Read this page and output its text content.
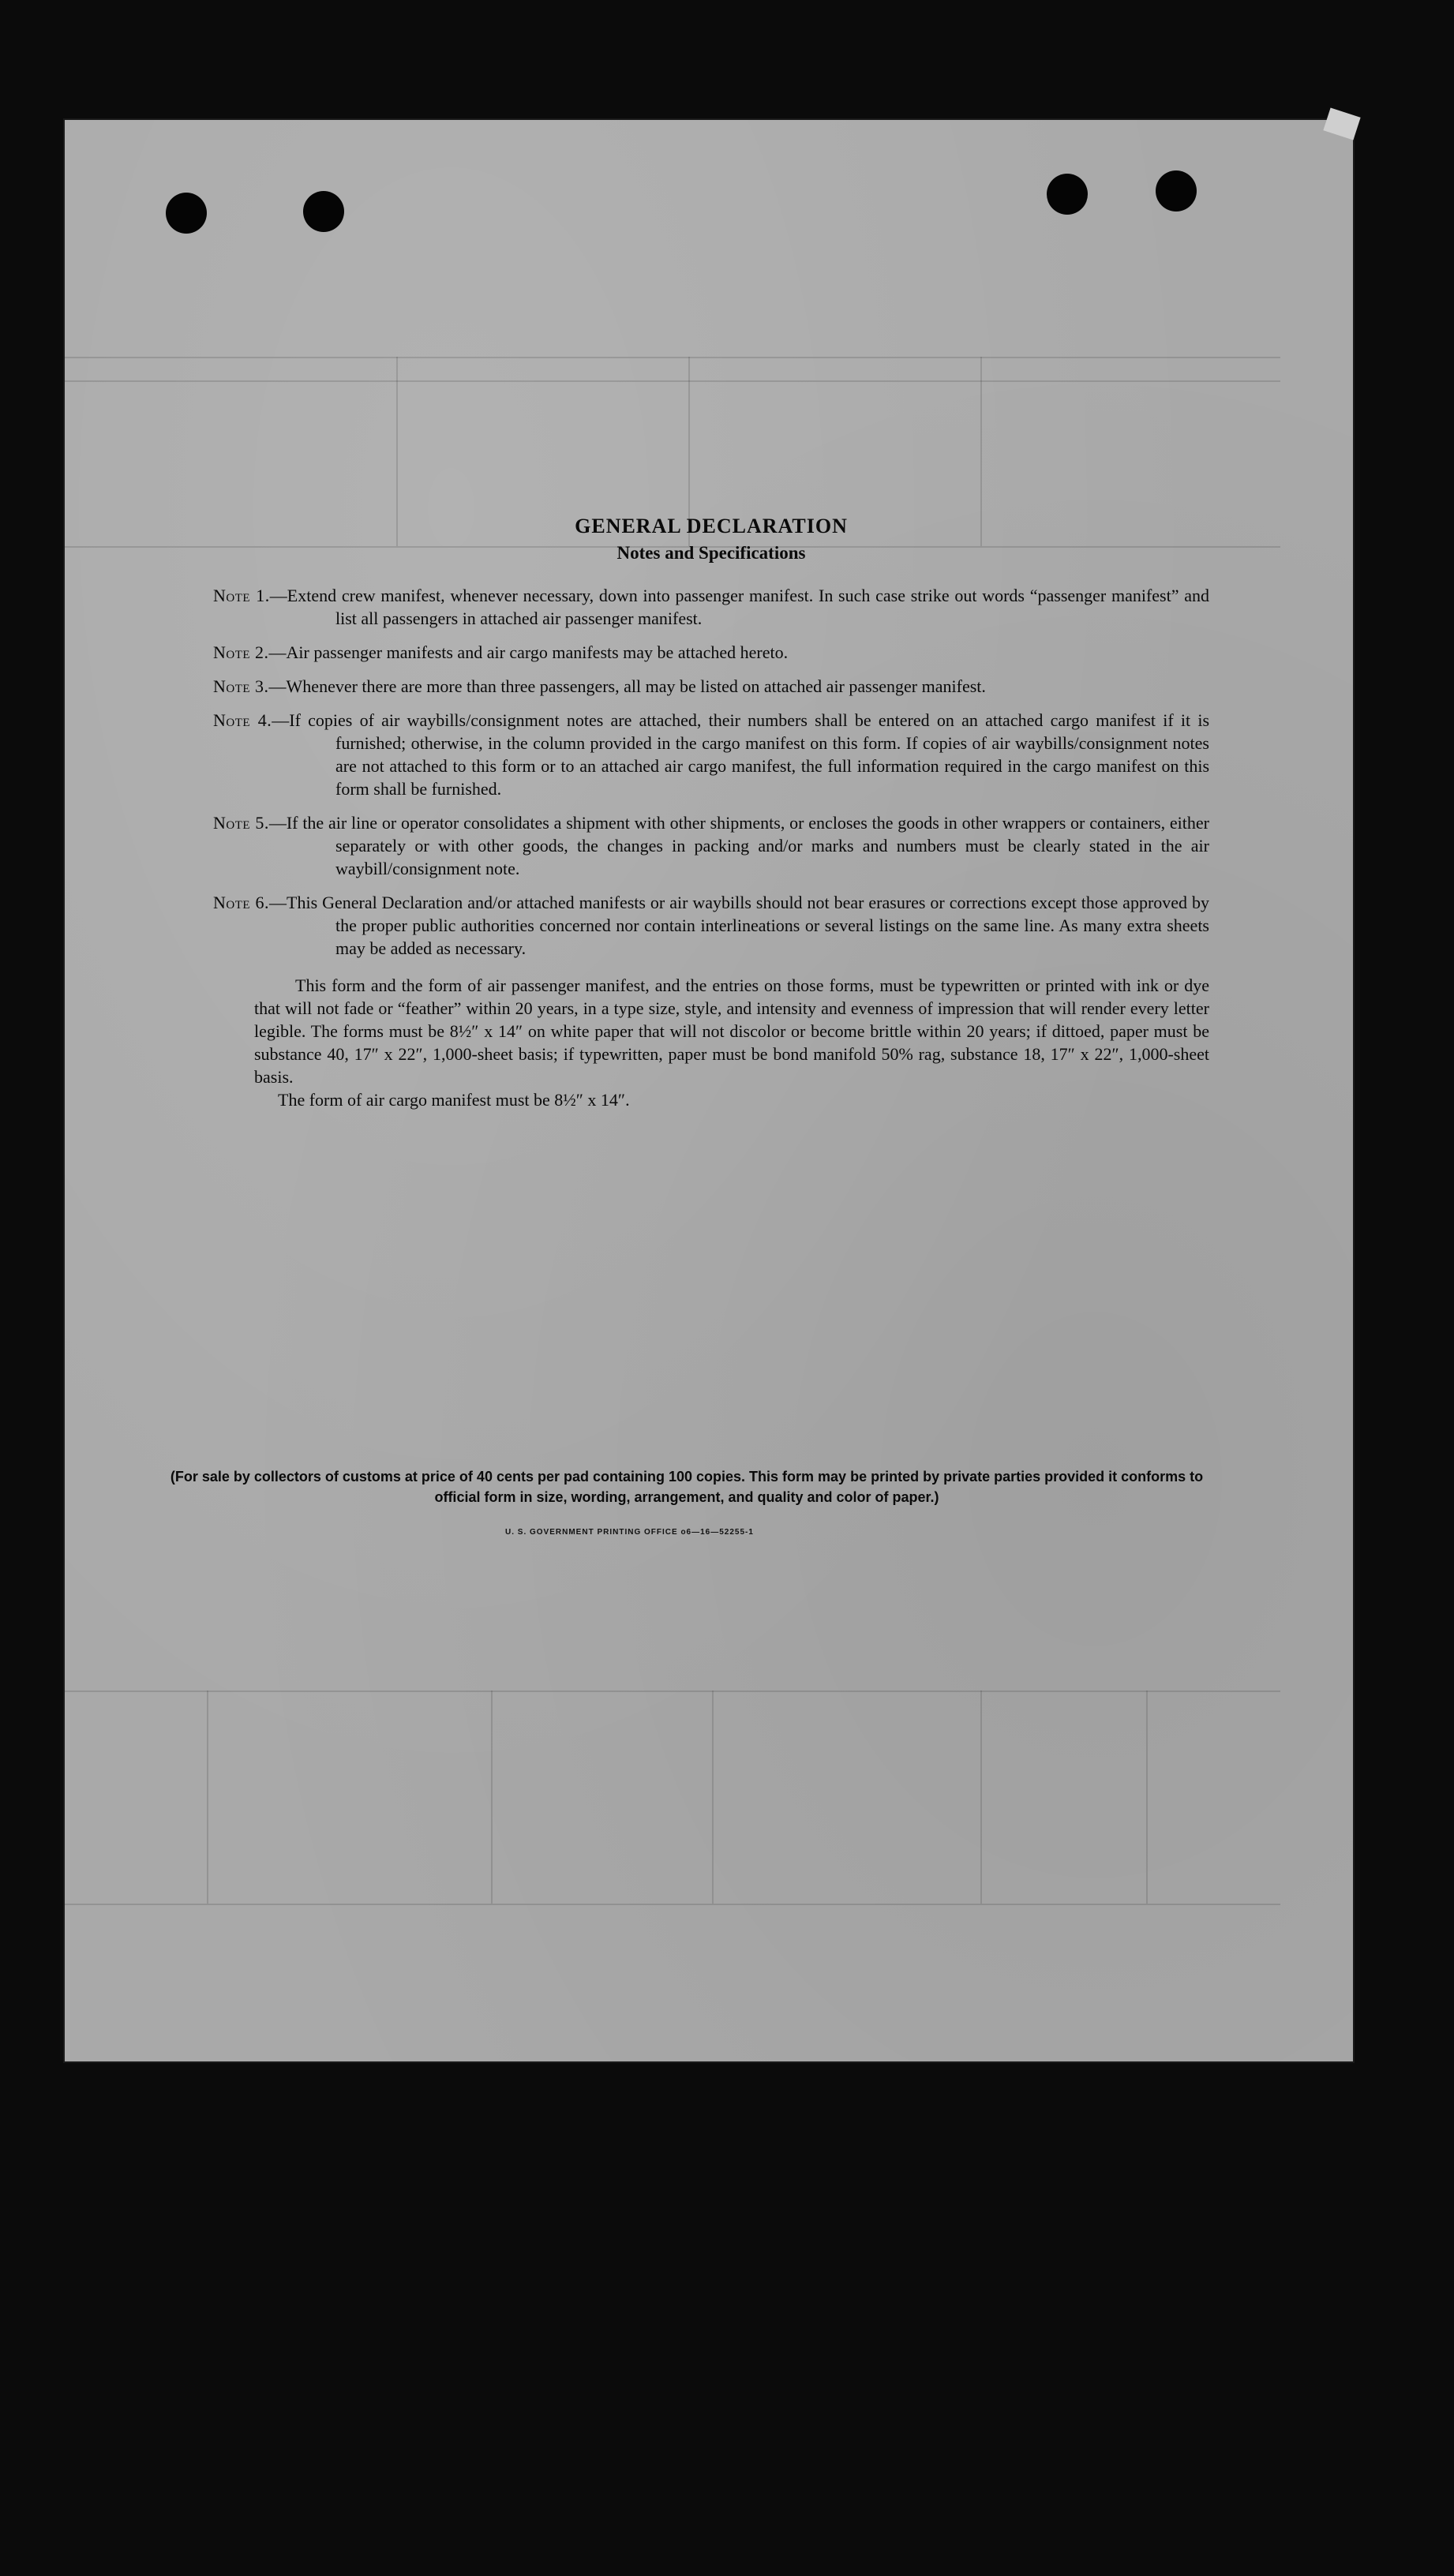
GENERAL DECLARATION
Notes and Specifications

Note 1.—Extend crew manifest, whenever necessary, down into passenger manifest. In such case strike out words “passenger manifest” and list all passengers in attached air passenger manifest.

Note 2.—Air passenger manifests and air cargo manifests may be attached hereto.

Note 3.—Whenever there are more than three passengers, all may be listed on attached air passenger manifest.

Note 4.—If copies of air waybills/consignment notes are attached, their numbers shall be entered on an attached cargo manifest if it is furnished; otherwise, in the column provided in the cargo manifest on this form. If copies of air waybills/consignment notes are not attached to this form or to an attached air cargo manifest, the full information required in the cargo manifest on this form shall be furnished.

Note 5.—If the air line or operator consolidates a shipment with other shipments, or encloses the goods in other wrappers or containers, either separately or with other goods, the changes in packing and/or marks and numbers must be clearly stated in the air waybill/consignment note.

Note 6.—This General Declaration and/or attached manifests or air waybills should not bear erasures or corrections except those approved by the proper public authorities concerned nor contain interlineations or several listings on the same line. As many extra sheets may be added as necessary.

This form and the form of air passenger manifest, and the entries on those forms, must be typewritten or printed with ink or dye that will not fade or “feather” within 20 years, in a type size, style, and intensity and evenness of impression that will render every letter legible. The forms must be 8½″ x 14″ on white paper that will not discolor or become brittle within 20 years; if dittoed, paper must be substance 40, 17″ x 22″, 1,000-sheet basis; if typewritten, paper must be bond manifold 50% rag, substance 18, 17″ x 22″, 1,000-sheet basis.

The form of air cargo manifest must be 8½″ x 14″.

(For sale by collectors of customs at price of 40 cents per pad containing 100 copies. This form may be printed by private parties provided it conforms to official form in size, wording, arrangement, and quality and color of paper.)
U. S. GOVERNMENT PRINTING OFFICE o6—16—52255-1
